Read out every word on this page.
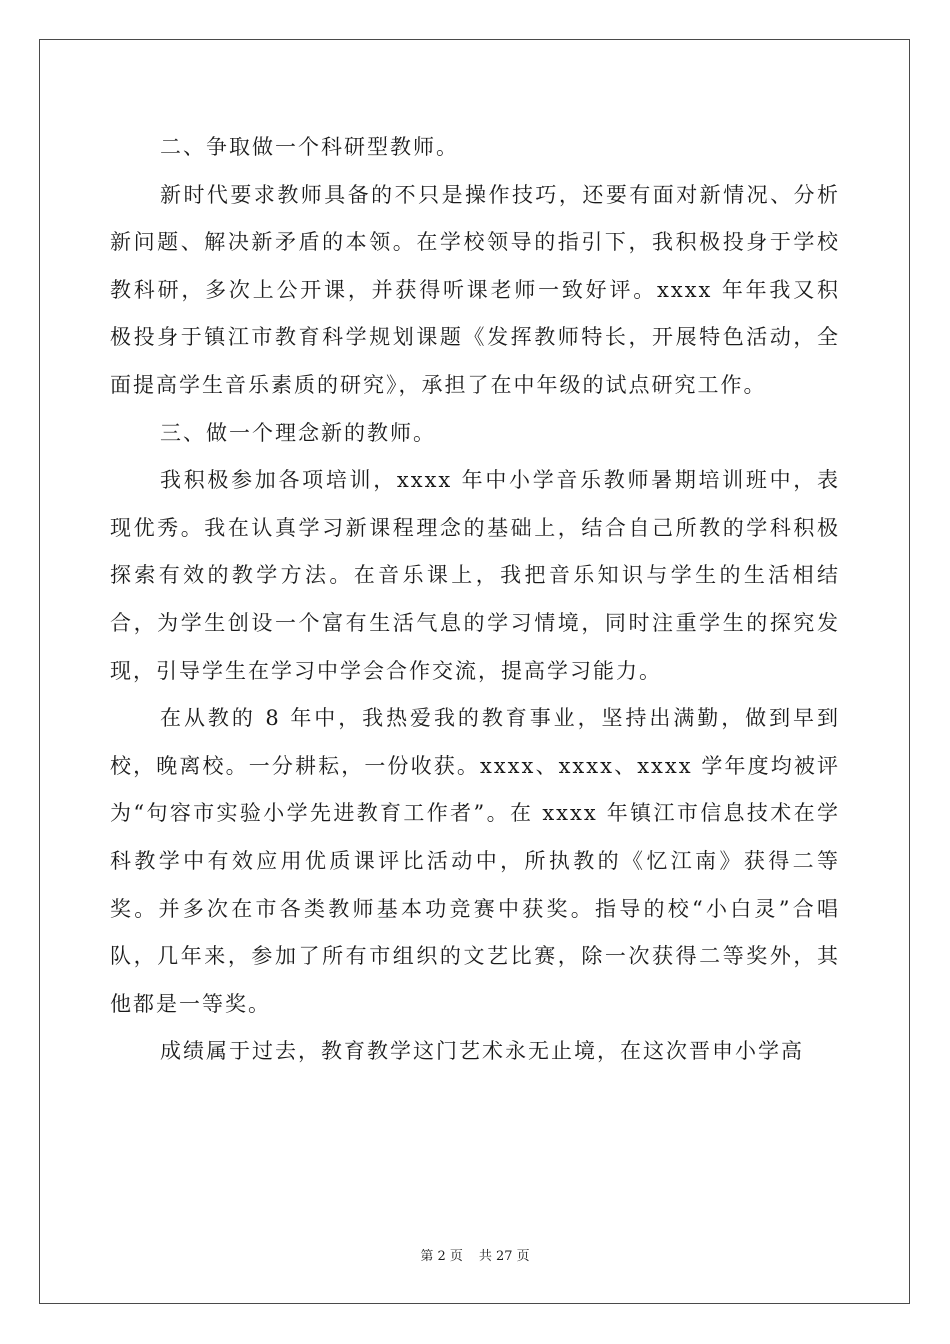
二、争取做一个科研型教师。

新时代要求教师具备的不只是操作技巧，还要有面对新情况、分析新问题、解决新矛盾的本领。在学校领导的指引下，我积极投身于学校教科研，多次上公开课，并获得听课老师一致好评。xxxx 年年我又积极投身于镇江市教育科学规划课题《发挥教师特长，开展特色活动，全面提高学生音乐素质的研究》，承担了在中年级的试点研究工作。

三、做一个理念新的教师。

我积极参加各项培训，xxxx 年中小学音乐教师暑期培训班中，表现优秀。我在认真学习新课程理念的基础上，结合自己所教的学科积极探索有效的教学方法。在音乐课上，我把音乐知识与学生的生活相结合，为学生创设一个富有生活气息的学习情境，同时注重学生的探究发现，引导学生在学习中学会合作交流，提高学习能力。

在从教的 8 年中，我热爱我的教育事业，坚持出满勤，做到早到校，晚离校。一分耕耘，一份收获。xxxx、xxxx、xxxx 学年度均被评为“句容市实验小学先进教育工作者”。在 xxxx 年镇江市信息技术在学科教学中有效应用优质课评比活动中，所执教的《忆江南》获得二等奖。并多次在市各类教师基本功竞赛中获奖。指导的校“小白灵”合唱队，几年来，参加了所有市组织的文艺比赛，除一次获得二等奖外，其他都是一等奖。

成绩属于过去，教育教学这门艺术永无止境，在这次晋申小学高

第 2 页 共 27 页
